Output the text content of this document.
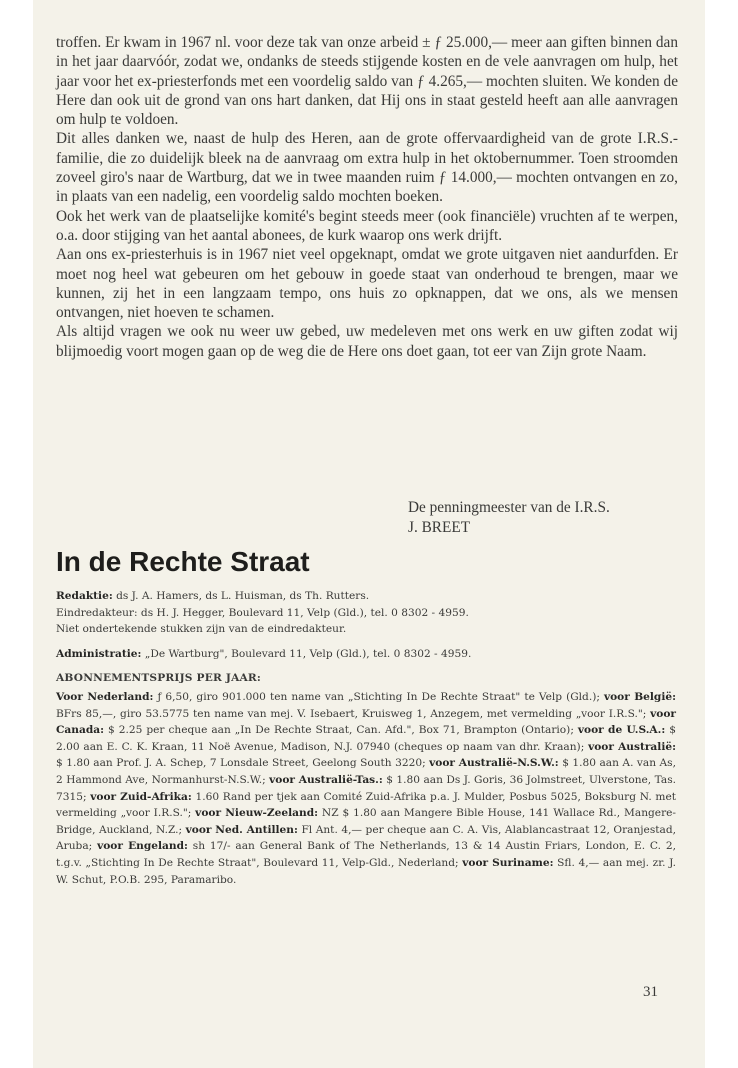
troffen. Er kwam in 1967 nl. voor deze tak van onze arbeid ± ƒ 25.000,— meer aan giften binnen dan in het jaar daarvóór, zodat we, ondanks de steeds stijgende kosten en de vele aanvragen om hulp, het jaar voor het ex-priesterfonds met een voordelig saldo van ƒ 4.265,— mochten sluiten. We konden de Here dan ook uit de grond van ons hart danken, dat Hij ons in staat gesteld heeft aan alle aanvragen om hulp te voldoen.

Dit alles danken we, naast de hulp des Heren, aan de grote offervaardigheid van de grote I.R.S.-familie, die zo duidelijk bleek na de aanvraag om extra hulp in het oktobernummer. Toen stroomden zoveel giro's naar de Wartburg, dat we in twee maanden ruim ƒ 14.000,— mochten ontvangen en zo, in plaats van een nadelig, een voordelig saldo mochten boeken.

Ook het werk van de plaatselijke komité's begint steeds meer (ook financiële) vruchten af te werpen, o.a. door stijging van het aantal abonees, de kurk waarop ons werk drijft.

Aan ons ex-priesterhuis is in 1967 niet veel opgeknapt, omdat we grote uitgaven niet aandurfden. Er moet nog heel wat gebeuren om het gebouw in goede staat van onderhoud te brengen, maar we kunnen, zij het in een langzaam tempo, ons huis zo opknappen, dat we ons, als we mensen ontvangen, niet hoeven te schamen.

Als altijd vragen we ook nu weer uw gebed, uw medeleven met ons werk en uw giften zodat wij blijmoedig voort mogen gaan op de weg die de Here ons doet gaan, tot eer van Zijn grote Naam.

De penningmeester van de I.R.S.
J. BREET
In de Rechte Straat
Redaktie: ds J. A. Hamers, ds L. Huisman, ds Th. Rutters.
Eindredakteur: ds H. J. Hegger, Boulevard 11, Velp (Gld.), tel. 0 8302 - 4959.
Niet ondertekende stukken zijn van de eindredakteur.
Administratie: „De Wartburg", Boulevard 11, Velp (Gld.), tel. 0 8302 - 4959.
ABONNEMENTSPRIJS PER JAAR:
Voor Nederland: ƒ 6,50, giro 901.000 ten name van „Stichting In De Rechte Straat" te Velp (Gld.); voor België: BFrs 85,—, giro 53.5775 ten name van mej. V. Isebaert, Kruisweg 1, Anzegem, met vermelding „voor I.R.S."; voor Canada: $ 2.25 per cheque aan „In De Rechte Straat, Can. Afd.", Box 71, Brampton (Ontario); voor de U.S.A.: $ 2.00 aan E. C. K. Kraan, 11 Noë Avenue, Madison, N.J. 07940 (cheques op naam van dhr. Kraan); voor Australië: $ 1.80 aan Prof. J. A. Schep, 7 Lonsdale Street, Geelong South 3220; voor Australië-N.S.W.: $ 1.80 aan A. van As, 2 Hammond Ave, Normanhurst-N.S.W.; voor Australië-Tas.: $ 1.80 aan Ds J. Goris, 36 Jolmstreet, Ulverstone, Tas. 7315; voor Zuid-Afrika: 1.60 Rand per tjek aan Comité Zuid-Afrika p.a. J. Mulder, Posbus 5025, Boksburg N. met vermelding „voor I.R.S."; voor Nieuw-Zeeland: NZ $ 1.80 aan Mangere Bible House, 141 Wallace Rd., Mangere-Bridge, Auckland, N.Z.; voor Ned. Antillen: Fl Ant. 4,— per cheque aan C. A. Vis, Alablancastraat 12, Oranjestad, Aruba; voor Engeland: sh 17/- aan General Bank of The Netherlands, 13 & 14 Austin Friars, London, E. C. 2, t.g.v. „Stichting In De Rechte Straat", Boulevard 11, Velp-Gld., Nederland; voor Suriname: Sfl. 4,— aan mej. zr. J. W. Schut, P.O.B. 295, Paramaribo.
31
